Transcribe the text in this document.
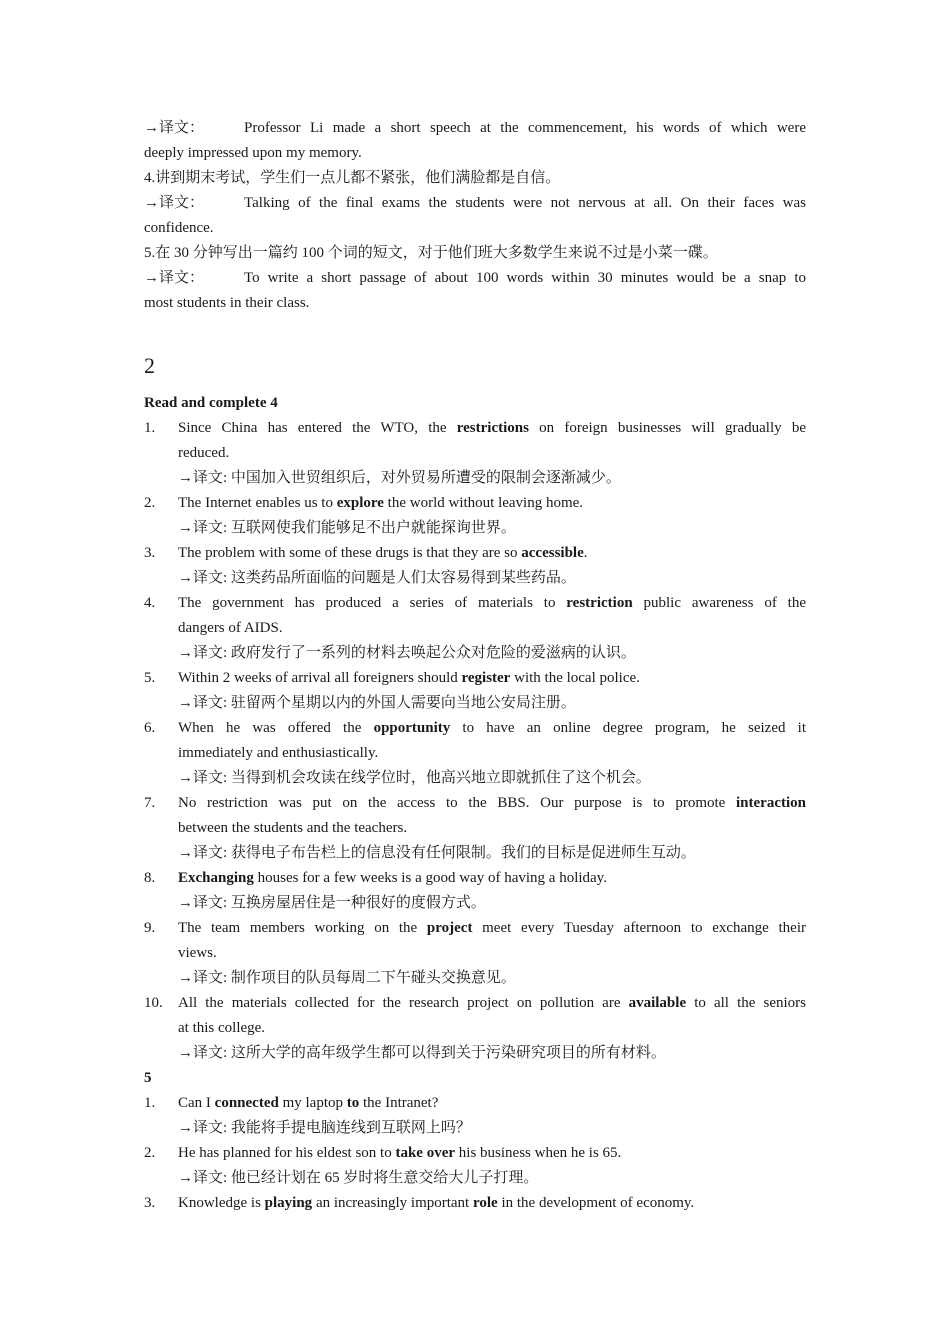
→译文：	Professor Li made a short speech at the commencement, his words of which were
deeply impressed upon my memory.
4.讲到期末考试，学生们一点儿都不紧张，他们满脸都是自信。
→译文：	Talking of the final exams the students were not nervous at all. On their faces was
confidence.
5.在 30 分钟写出一篇约 100 个词的短文，对于他们班大多数学生来说不过是小菜一碟。
→译文：	To write a short passage of about 100 words within 30 minutes would be a snap to
most students in their class.
2
Read and complete 4
1.	Since China has entered the WTO, the restrictions on foreign businesses will gradually be
reduced.
→译文: 中国加入世贸组织后，对外贸易所遭受的限制会逐渐减少。
2.	The Internet enables us to explore the world without leaving home.
→译文: 互联网使我们能够足不出户就能探询世界。
3.	The problem with some of these drugs is that they are so accessible.
→译文: 这类药品所面临的问题是人们太容易得到某些药品。
4.	The government has produced a series of materials to restriction public awareness of the
dangers of AIDS.
→译文: 政府发行了一系列的材料去唤起公众对危险的爱滋病的认识。
5.	Within 2 weeks of arrival all foreigners should register with the local police.
→译文: 驻留两个星期以内的外国人需要向当地公安局注册。
6.	When he was offered the opportunity to have an online degree program, he seized it
immediately and enthusiastically.
→译文: 当得到机会攻读在线学位时，他高兴地立即就抓住了这个机会。
7.	No restriction was put on the access to the BBS. Our purpose is to promote interaction
between the students and the teachers.
→译文: 获得电子布告栏上的信息没有任何限制。我们的目标是促进师生互动。
8.	Exchanging houses for a few weeks is a good way of having a holiday.
→译文: 互换房屋居住是一种很好的度假方式。
9.	The team members working on the project meet every Tuesday afternoon to exchange their
views.
→译文: 制作项目的队员每周二下午碰头交换意见。
10.	All the materials collected for the research project on pollution are available to all the seniors
at this college.
→译文: 这所大学的高年级学生都可以得到关于污染研究项目的所有材料。
5
1.	Can I connected my laptop to the Intranet?
→译文: 我能将手提电脑连线到互联网上吗？
2.	He has planned for his eldest son to take over his business when he is 65.
→译文: 他已经计划在 65 岁时将生意交给大儿子打理。
3.	Knowledge is playing an increasingly important role in the development of economy.
